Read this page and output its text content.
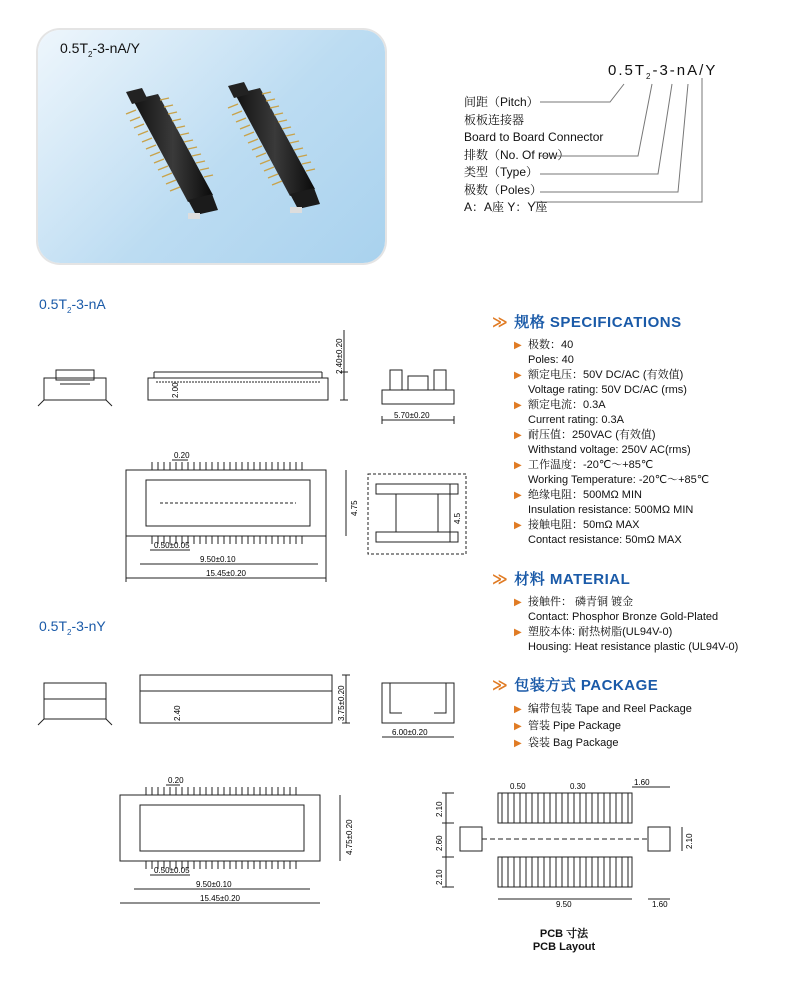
$0.5T_2-3-nA/Y$
$0.5T_2-3-nA/Y$
间距（Pitch）
板板连接器
Board to Board Connector
排数（No. Of row）
类型（Type）
极数（Poles）
A：A座 Y：Y座
$0.5T_2-3-nA$
$0.5T_2-3-nY$
2.40±0.20
2.00
5.70±0.20
0.20
4.75
0.50±0.05
9.50±0.10
15.45±0.20
4.5
3.75±0.20
2.40
6.00±0.20
0.20
4.75±0.20
0.50±0.05
9.50±0.10
15.45±0.20
0.50	0.30	1.60
2.10
2.60
2.10
2.10
9.50	1.60
PCB 寸法
PCB Layout
≫ 规格 SPECIFICATIONS
▶ 极数：40
Poles: 40
▶ 额定电压：50V DC/AC (有效值)
Voltage rating: 50V DC/AC (rms)
▶ 额定电流：0.3A
Current rating: 0.3A
▶ 耐压值：250VAC (有效值)
Withstand voltage: 250V AC(rms)
▶ 工作温度：-20℃～+85℃
Working Temperature: -20℃～+85℃
▶ 绝缘电阻：500MΩ MIN
Insulation resistance: 500MΩ MIN
▶ 接触电阻：50mΩ MAX
Contact resistance: 50mΩ MAX
≫ 材料 MATERIAL
▶ 接触件： 磷青铜 镀金
Contact: Phosphor Bronze Gold-Plated
▶ 塑胶本体: 耐热树脂(UL94V-0)
Housing: Heat resistance plastic (UL94V-0)
≫ 包装方式 PACKAGE
▶ 编带包装 Tape and Reel Package
▶ 管装 Pipe Package
▶ 袋装 Bag Package
